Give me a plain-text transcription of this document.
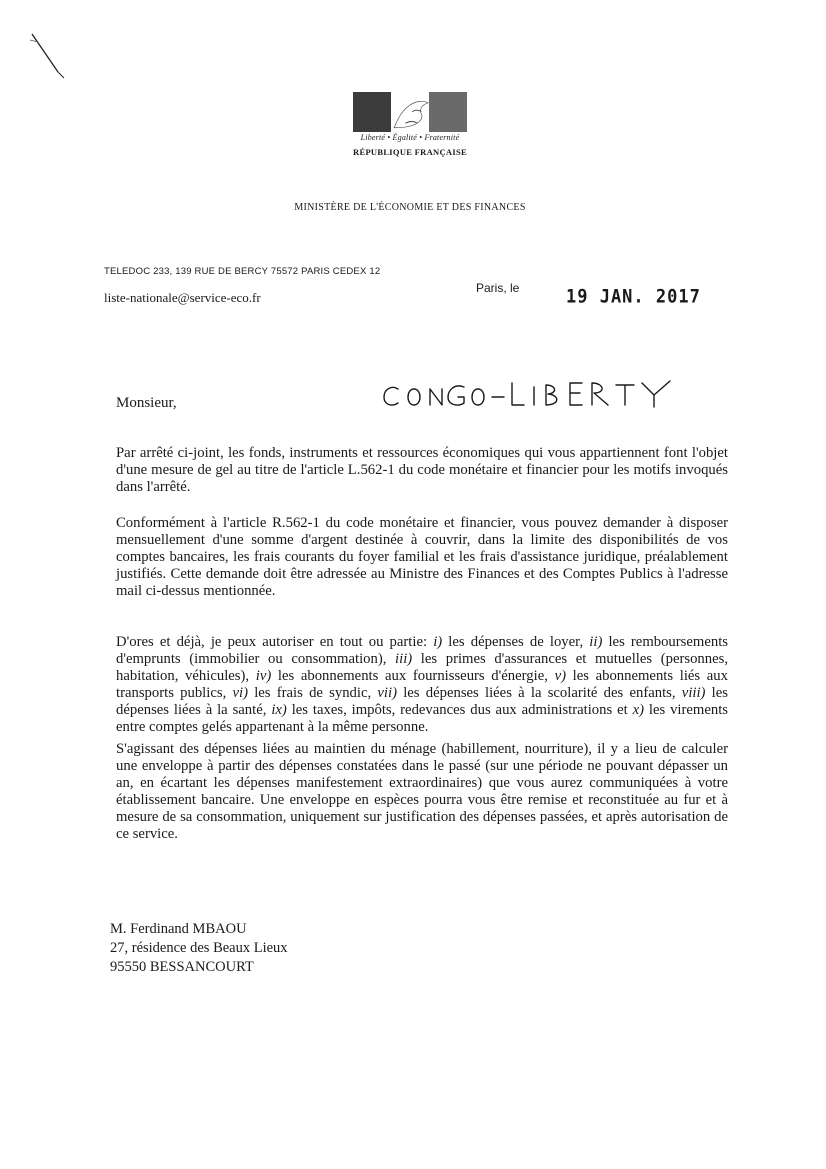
Liberté • Égalité • Fraternité
RÉPUBLIQUE FRANÇAISE
MINISTÈRE DE L'ÉCONOMIE ET DES FINANCES
TELEDOC 233, 139 RUE DE BERCY 75572 PARIS CEDEX 12
liste-nationale@service-eco.fr
Paris, le	19 JAN. 2017
Monsieur,
Par arrêté ci-joint, les fonds, instruments et ressources économiques qui vous appartiennent font l'objet d'une mesure de gel au titre de l'article L.562-1 du code monétaire et financier pour les motifs invoqués dans l'arrêté.
Conformément à l'article R.562-1 du code monétaire et financier, vous pouvez demander à disposer mensuellement d'une somme d'argent destinée à couvrir, dans la limite des disponibilités de vos comptes bancaires, les frais courants du foyer familial et les frais d'assistance juridique, préalablement justifiés. Cette demande doit être adressée au Ministre des Finances et des Comptes Publics à l'adresse mail ci-dessus mentionnée.
D'ores et déjà, je peux autoriser en tout ou partie: i) les dépenses de loyer, ii) les remboursements d'emprunts (immobilier ou consommation), iii) les primes d'assurances et mutuelles (personnes, habitation, véhicules), iv) les abonnements aux fournisseurs d'énergie, v) les abonnements liés aux transports publics, vi) les frais de syndic, vii) les dépenses liées à la scolarité des enfants, viii) les dépenses liées à la santé, ix) les taxes, impôts, redevances dus aux administrations et x) les virements entre comptes gelés appartenant à la même personne.
S'agissant des dépenses liées au maintien du ménage (habillement, nourriture), il y a lieu de calculer une enveloppe à partir des dépenses constatées dans le passé (sur une période ne pouvant dépasser un an, en écartant les dépenses manifestement extraordinaires) que vous aurez communiquées à votre établissement bancaire. Une enveloppe en espèces pourra vous être remise et reconstituée au fur et à mesure de sa consommation, uniquement sur justification des dépenses passées, et après autorisation de ce service.
M. Ferdinand MBAOU
27, résidence des Beaux Lieux
95550 BESSANCOURT
